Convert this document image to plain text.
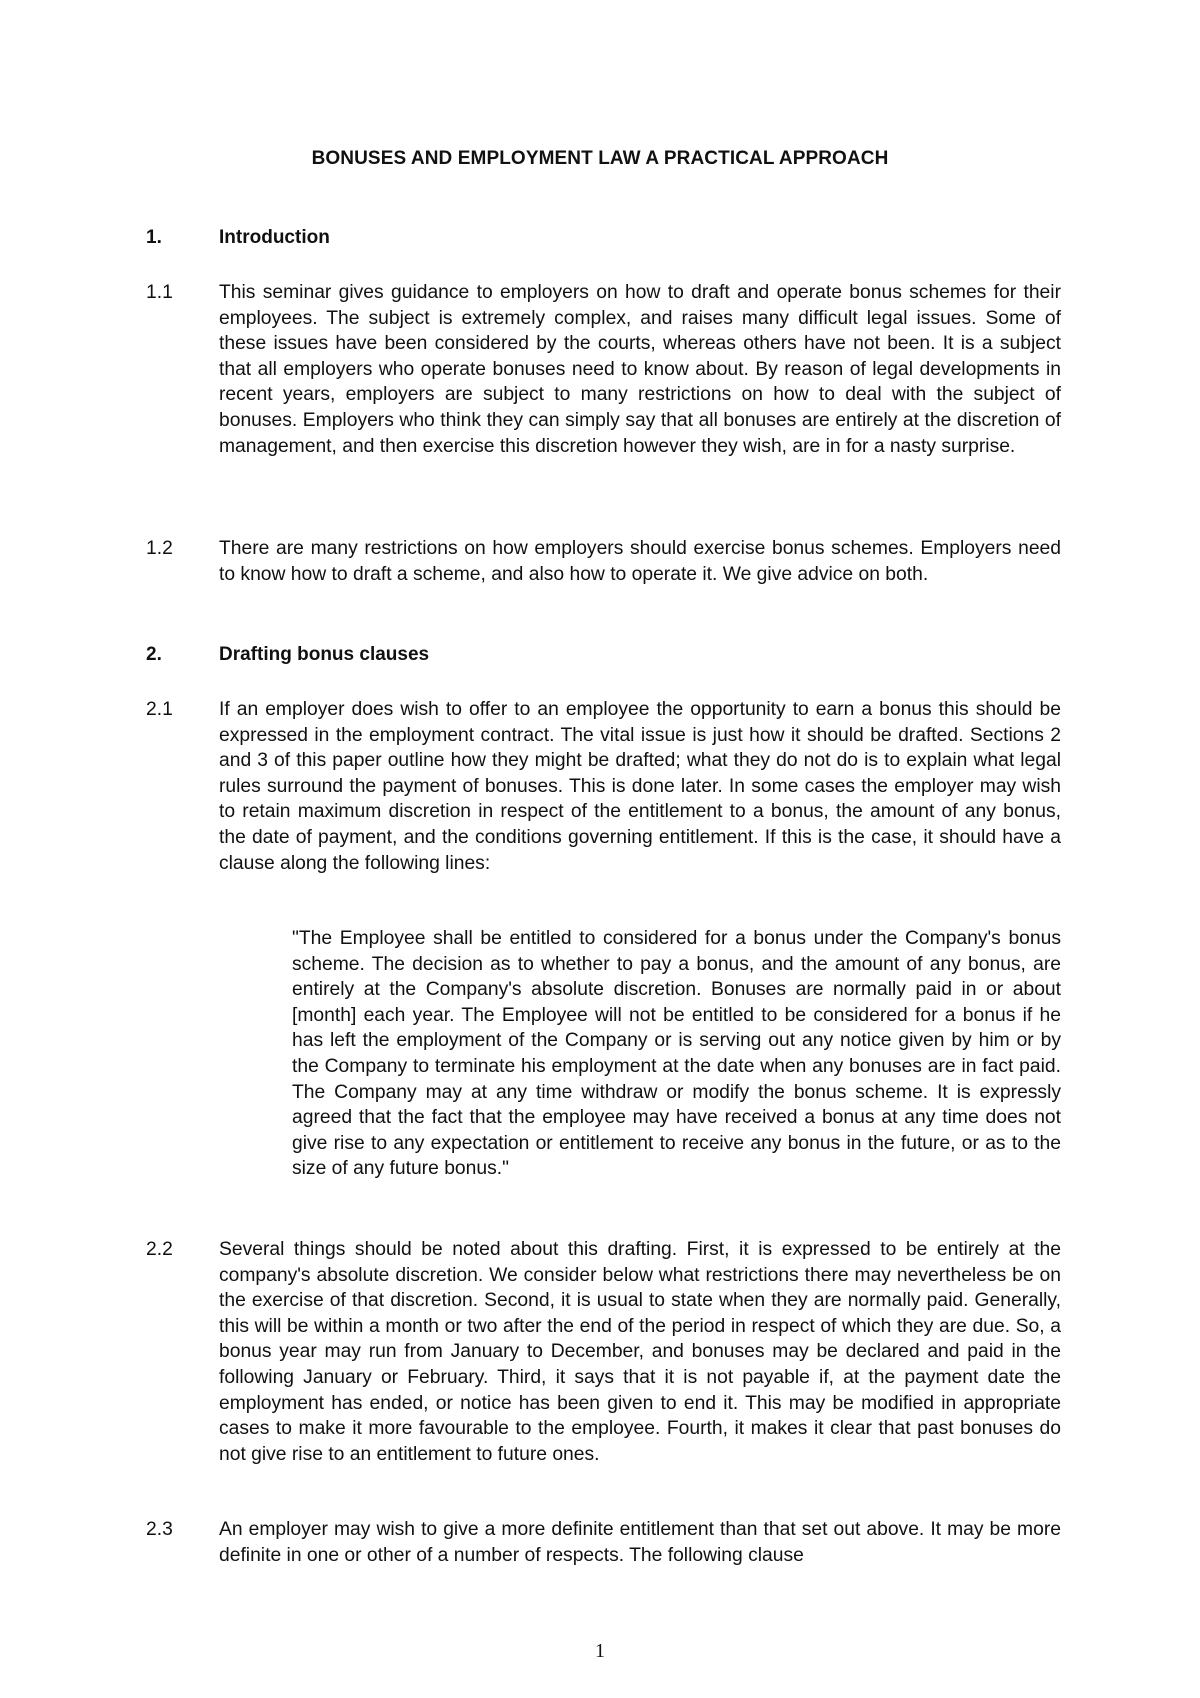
BONUSES AND EMPLOYMENT LAW A PRACTICAL APPROACH
1.	Introduction
1.1	This seminar gives guidance to employers on how to draft and operate bonus schemes for their employees. The subject is extremely complex, and raises many difficult legal issues. Some of these issues have been considered by the courts, whereas others have not been. It is a subject that all employers who operate bonuses need to know about. By reason of legal developments in recent years, employers are subject to many restrictions on how to deal with the subject of bonuses. Employers who think they can simply say that all bonuses are entirely at the discretion of management, and then exercise this discretion however they wish, are in for a nasty surprise.
1.2	There are many restrictions on how employers should exercise bonus schemes. Employers need to know how to draft a scheme, and also how to operate it. We give advice on both.
2.	Drafting bonus clauses
2.1	If an employer does wish to offer to an employee the opportunity to earn a bonus this should be expressed in the employment contract. The vital issue is just how it should be drafted. Sections 2 and 3 of this paper outline how they might be drafted; what they do not do is to explain what legal rules surround the payment of bonuses. This is done later. In some cases the employer may wish to retain maximum discretion in respect of the entitlement to a bonus, the amount of any bonus, the date of payment, and the conditions governing entitlement. If this is the case, it should have a clause along the following lines:
"The Employee shall be entitled to considered for a bonus under the Company's bonus scheme. The decision as to whether to pay a bonus, and the amount of any bonus, are entirely at the Company's absolute discretion. Bonuses are normally paid in or about [month] each year. The Employee will not be entitled to be considered for a bonus if he has left the employment of the Company or is serving out any notice given by him or by the Company to terminate his employment at the date when any bonuses are in fact paid. The Company may at any time withdraw or modify the bonus scheme. It is expressly agreed that the fact that the employee may have received a bonus at any time does not give rise to any expectation or entitlement to receive any bonus in the future, or as to the size of any future bonus."
2.2	Several things should be noted about this drafting. First, it is expressed to be entirely at the company's absolute discretion. We consider below what restrictions there may nevertheless be on the exercise of that discretion. Second, it is usual to state when they are normally paid. Generally, this will be within a month or two after the end of the period in respect of which they are due. So, a bonus year may run from January to December, and bonuses may be declared and paid in the following January or February. Third, it says that it is not payable if, at the payment date the employment has ended, or notice has been given to end it. This may be modified in appropriate cases to make it more favourable to the employee. Fourth, it makes it clear that past bonuses do not give rise to an entitlement to future ones.
2.3	An employer may wish to give a more definite entitlement than that set out above. It may be more definite in one or other of a number of respects. The following clause
1
